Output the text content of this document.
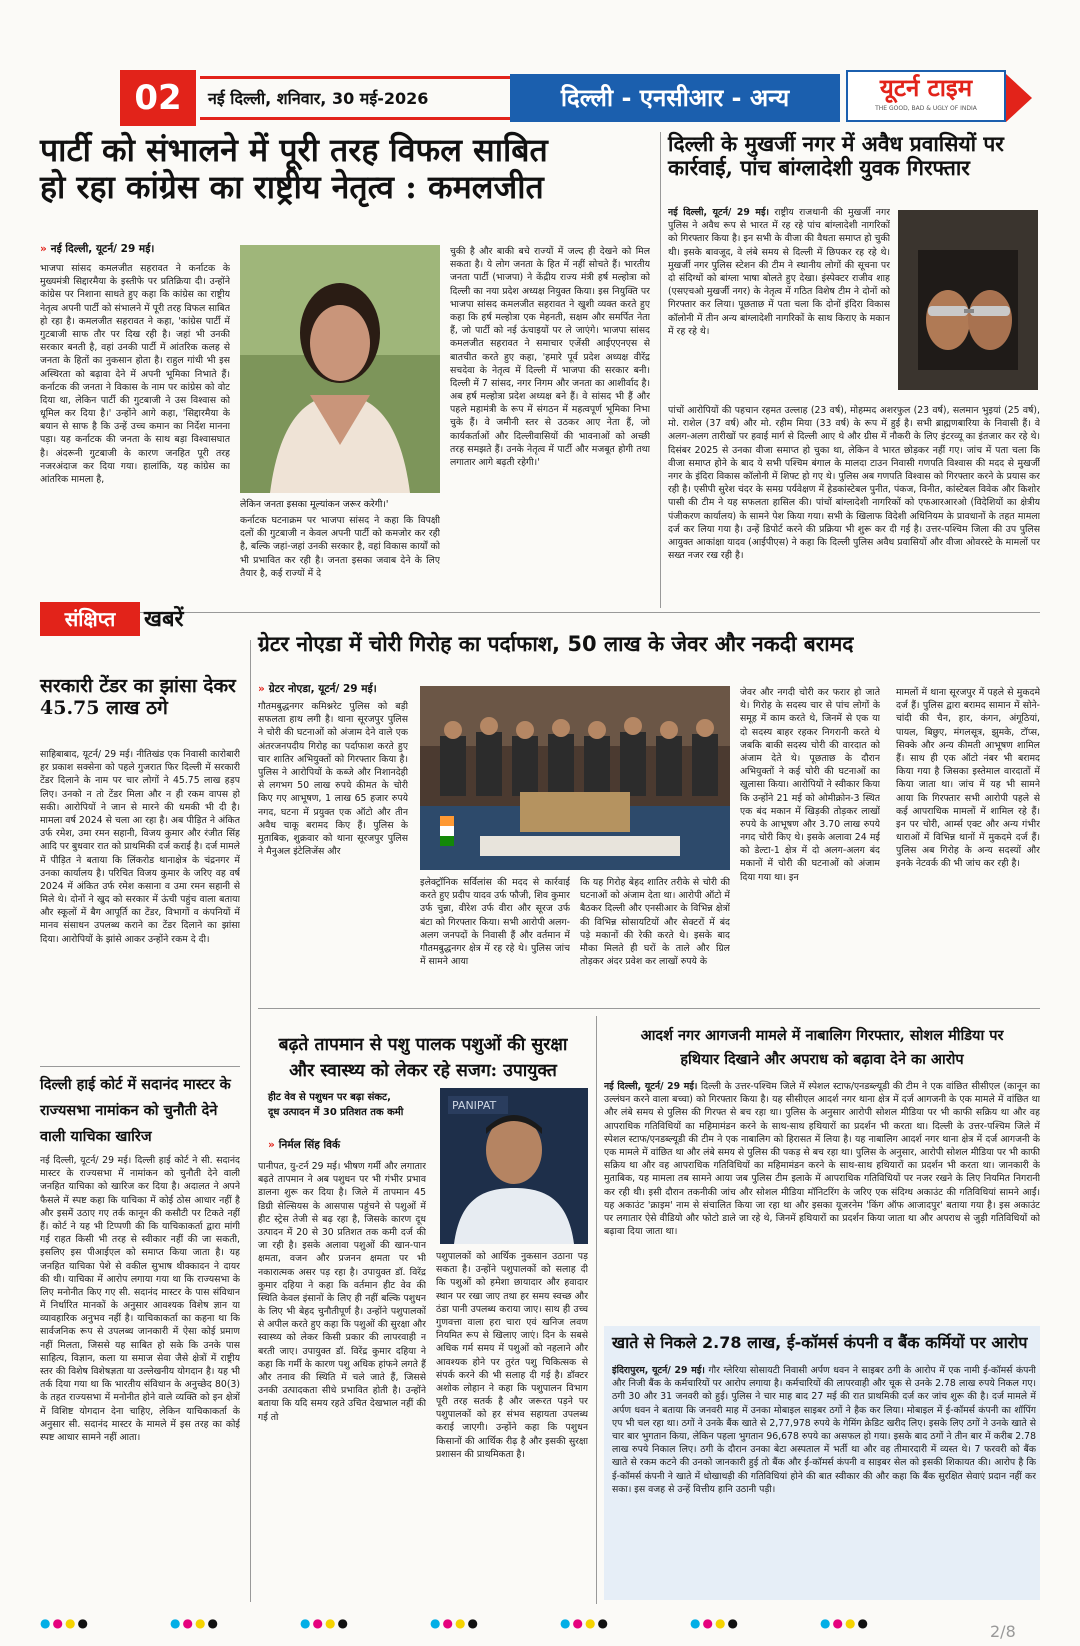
02	नई दिल्ली, शनिवार, 30 मई-2026	दिल्ली - एनसीआर - अन्य	यूटर्न टाइम
THE GOOD, BAD & UGLY OF INDIA
पार्टी को संभालने में पूरी तरह विफल साबित
हो रहा कांग्रेस का राष्ट्रीय नेतृत्व : कमलजीत
» नई दिल्ली, यूटर्न/ 29 मई।
भाजपा सांसद कमलजीत सहरावत ने कर्नाटक के मुख्यमंत्री सिद्दारमैया के इस्तीफे पर प्रतिक्रिया दी। उन्होंने कांग्रेस पर निशाना साधते हुए कहा कि कांग्रेस का राष्ट्रीय नेतृत्व अपनी पार्टी को संभालने में पूरी तरह विफल साबित हो रहा है। कमलजीत सहरावत ने कहा, 'कांग्रेस पार्टी में गुटबाजी साफ तौर पर दिख रही है। जहां भी उनकी सरकार बनती है, वहां उनकी पार्टी में आंतरिक कलह से जनता के हितों का नुकसान होता है। राहुल गांधी भी इस अस्थिरता को बढ़ावा देने में अपनी भूमिका निभाते हैं। कर्नाटक की जनता ने विकास के नाम पर कांग्रेस को वोट दिया था, लेकिन पार्टी की गुटबाजी ने उस विश्वास को धूमिल कर दिया है।' उन्होंने आगे कहा, 'सिद्दारमैया के बयान से साफ है कि उन्हें उच्च कमान का निर्देश मानना पड़ा। यह कर्नाटक की जनता के साथ बड़ा विश्वासघात है। अंदरूनी गुटबाजी के कारण जनहित पूरी तरह नजरअंदाज कर दिया गया। हालांकि, यह कांग्रेस का आंतरिक मामला है,
लेकिन जनता इसका मूल्यांकन जरूर करेगी।'
कर्नाटक घटनाक्रम पर भाजपा सांसद ने कहा कि विपक्षी दलों की गुटबाजी न केवल अपनी पार्टी को कमजोर कर रही है, बल्कि जहां-जहां उनकी सरकार है, वहां विकास कार्यों को भी प्रभावित कर रही है। जनता इसका जवाब देने के लिए तैयार है, कई राज्यों में दे
चुकी है और बाकी बचे राज्यों में जल्द ही देखने को मिल सकता है। ये लोग जनता के हित में नहीं सोचते हैं। भारतीय जनता पार्टी (भाजपा) ने केंद्रीय राज्य मंत्री हर्ष मल्होत्रा को दिल्ली का नया प्रदेश अध्यक्ष नियुक्त किया। इस नियुक्ति पर भाजपा सांसद कमलजीत सहरावत ने खुशी व्यक्त करते हुए कहा कि हर्ष मल्होत्रा एक मेहनती, सक्षम और समर्पित नेता हैं, जो पार्टी को नई ऊंचाइयों पर ले जाएंगे। भाजपा सांसद कमलजीत सहरावत ने समाचार एजेंसी आईएएनएस से बातचीत करते हुए कहा, 'हमारे पूर्व प्रदेश अध्यक्ष वीरेंद्र सचदेवा के नेतृत्व में दिल्ली में भाजपा की सरकार बनी। दिल्ली में 7 सांसद, नगर निगम और जनता का आशीर्वाद है। अब हर्ष मल्होत्रा प्रदेश अध्यक्ष बने हैं। वे सांसद भी हैं और पहले महामंत्री के रूप में संगठन में महत्वपूर्ण भूमिका निभा चुके हैं। वे जमीनी स्तर से उठकर आए नेता हैं, जो कार्यकर्ताओं और दिल्लीवासियों की भावनाओं को अच्छी तरह समझते हैं। उनके नेतृत्व में पार्टी और मजबूत होगी तथा लगातार आगे बढ़ती रहेगी।'
दिल्ली के मुखर्जी नगर में अवैध प्रवासियों पर
कार्रवाई, पांच बांग्लादेशी युवक गिरफ्तार
नई दिल्ली, यूटर्न/ 29 मई। राष्ट्रीय राजधानी की मुखर्जी नगर पुलिस ने अवैध रूप से भारत में रह रहे पांच बांग्लादेशी नागरिकों को गिरफ्तार किया है। इन सभी के वीजा की वैधता समाप्त हो चुकी थी। इसके बावजूद, वे लंबे समय से दिल्ली में छिपकर रह रहे थे। मुखर्जी नगर पुलिस स्टेशन की टीम ने स्थानीय लोगों की सूचना पर दो संदिग्धों को बांग्ला भाषा बोलते हुए देखा। इंस्पेक्टर राजीव शाह (एसएचओ मुखर्जी नगर) के नेतृत्व में गठित विशेष टीम ने दोनों को गिरफ्तार कर लिया। पूछताछ में पता चला कि दोनों इंदिरा विकास कॉलोनी में तीन अन्य बांग्लादेशी नागरिकों के साथ किराए के मकान में रह रहे थे।
पांचों आरोपियों की पहचान रहमत उल्लाह (23 वर्ष), मोहम्मद अशरफुल (23 वर्ष), सलमान भुइयां (25 वर्ष), मो. राशेल (37 वर्ष) और मो. रहीम मिया (33 वर्ष) के रूप में हुई है। सभी ब्राह्मणबारिया के निवासी हैं। वे अलग-अलग तारीखों पर हवाई मार्ग से दिल्ली आए थे और ग्रीस में नौकरी के लिए इंटरव्यू का इंतजार कर रहे थे। दिसंबर 2025 से उनका वीजा समाप्त हो चुका था, लेकिन वे भारत छोड़कर नहीं गए। जांच में पता चला कि वीजा समाप्त होने के बाद ये सभी पश्चिम बंगाल के मालदा टाउन निवासी गणपति विश्वास की मदद से मुखर्जी नगर के इंदिरा विकास कॉलोनी में शिफ्ट हो गए थे। पुलिस अब गणपति विश्वास को गिरफ्तार करने के प्रयास कर रही है। एसीपी सुरेश चंदर के समग्र पर्यवेक्षण में हेडकांस्टेबल पुनीत, पंकज, विनीत, कांस्टेबल विवेक और किशोर पासी की टीम ने यह सफलता हासिल की। पांचों बांग्लादेशी नागरिकों को एफआरआरओ (विदेशियों का क्षेत्रीय पंजीकरण कार्यालय) के सामने पेश किया गया। सभी के खिलाफ विदेशी अधिनियम के प्रावधानों के तहत मामला दर्ज कर लिया गया है। उन्हें डिपोर्ट करने की प्रक्रिया भी शुरू कर दी गई है। उत्तर-पश्चिम जिला की उप पुलिस आयुक्त आकांक्षा यादव (आईपीएस) ने कहा कि दिल्ली पुलिस अवैध प्रवासियों और वीजा ओवरस्टे के मामलों पर सख्त नजर रख रही है।
संक्षिप्त	खबरें
सरकारी टेंडर का झांसा देकर 45.75 लाख ठगे
साहिबाबाद, यूटर्न/ 29 मई। नीतिखंड एक निवासी कारोबारी हर प्रकाश सक्सेना को पहले गुजरात फिर दिल्ली में सरकारी टेंडर दिलाने के नाम पर चार लोगों ने 45.75 लाख हड़प लिए। उनको न तो टेंडर मिला और न ही रकम वापस हो सकी। आरोपियों ने जान से मारने की धमकी भी दी है। मामला वर्ष 2024 से चला आ रहा है। अब पीड़ित ने अंकित उर्फ रमेश, उमा रमन सहानी, विजय कुमार और रंजीत सिंह आदि पर बुधवार रात को प्राथमिकी दर्ज कराई है। दर्ज मामले में पीड़ित ने बताया कि लिंकरोड थानाक्षेत्र के चंद्रनगर में उनका कार्यालय है। परिचित विजय कुमार के जरिए वह वर्ष 2024 में अंकित उर्फ रमेश कसाना व उमा रमन सहानी से मिले थे। दोनों ने खुद को सरकार में ऊंची पहुंच वाला बताया और स्कूलों में बैग आपूर्ति का टेंडर, विभागों व कंपनियों में मानव संसाधन उपलब्ध कराने का टेंडर दिलाने का झांसा दिया। आरोपियों के झांसे आकर उन्होंने रकम दे दी।
दिल्ली हाई कोर्ट में सदानंद मास्टर के राज्यसभा नामांकन को चुनौती देने वाली याचिका खारिज
नई दिल्ली, यूटर्न/ 29 मई। दिल्ली हाई कोर्ट ने सी. सदानंद मास्टर के राज्यसभा में नामांकन को चुनौती देने वाली जनहित याचिका को खारिज कर दिया है। अदालत ने अपने फैसले में स्पष्ट कहा कि याचिका में कोई ठोस आधार नहीं है और इसमें उठाए गए तर्क कानून की कसौटी पर टिकते नहीं हैं। कोर्ट ने यह भी टिप्पणी की कि याचिकाकर्ता द्वारा मांगी गई राहत किसी भी तरह से स्वीकार नहीं की जा सकती, इसलिए इस पीआईएल को समाप्त किया जाता है। यह जनहित याचिका पेशे से वकील सुभाष थीक्कादन ने दायर की थी। याचिका में आरोप लगाया गया था कि राज्यसभा के लिए मनोनीत किए गए सी. सदानंद मास्टर के पास संविधान में निर्धारित मानकों के अनुसार आवश्यक विशेष ज्ञान या व्यावहारिक अनुभव नहीं है। याचिकाकर्ता का कहना था कि सार्वजनिक रूप से उपलब्ध जानकारी में ऐसा कोई प्रमाण नहीं मिलता, जिससे यह साबित हो सके कि उनके पास साहित्य, विज्ञान, कला या समाज सेवा जैसे क्षेत्रों में राष्ट्रीय स्तर की विशेष विशेषज्ञता या उल्लेखनीय योगदान है। यह भी तर्क दिया गया था कि भारतीय संविधान के अनुच्छेद 80(3) के तहत राज्यसभा में मनोनीत होने वाले व्यक्ति को इन क्षेत्रों में विशिष्ट योगदान देना चाहिए, लेकिन याचिकाकर्ता के अनुसार सी. सदानंद मास्टर के मामले में इस तरह का कोई स्पष्ट आधार सामने नहीं आता।
ग्रेटर नोएडा में चोरी गिरोह का पर्दाफाश, 50 लाख के जेवर और नकदी बरामद
» ग्रेटर नोएडा, यूटर्न/ 29 मई।
गौतमबुद्धनगर कमिश्नरेट पुलिस को बड़ी सफलता हाथ लगी है। थाना सूरजपुर पुलिस ने चोरी की घटनाओं को अंजाम देने वाले एक अंतरजनपदीय गिरोह का पर्दाफाश करते हुए चार शातिर अभियुक्तों को गिरफ्तार किया है। पुलिस ने आरोपियों के कब्जे और निशानदेही से लगभग 50 लाख रुपये कीमत के चोरी किए गए आभूषण, 1 लाख 65 हजार रुपये नगद, घटना में प्रयुक्त एक ऑटो और तीन अवैध चाकू बरामद किए हैं। पुलिस के मुताबिक, शुक्रवार को थाना सूरजपुर पुलिस ने मैनुअल इंटेलिजेंस और
इलेक्ट्रॉनिक सर्विलांस की मदद से कार्रवाई करते हुए प्रदीप यादव उर्फ फौजी, शिव कुमार उर्फ चुन्ना, वीरेश उर्फ वीरा और सूरज उर्फ बंटा को गिरफ्तार किया। सभी आरोपी अलग-अलग जनपदों के निवासी हैं और वर्तमान में गौतमबुद्धनगर क्षेत्र में रह रहे थे। पुलिस जांच में सामने आया
कि यह गिरोह बेहद शातिर तरीके से चोरी की घटनाओं को अंजाम देता था। आरोपी ऑटो में बैठकर दिल्ली और एनसीआर के विभिन्न क्षेत्रों की विभिन्न सोसायटियों और सेक्टरों में बंद पड़े मकानों की रेकी करते थे। इसके बाद मौका मिलते ही घरों के ताले और ग्रिल तोड़कर अंदर प्रवेश कर लाखों रुपये के
जेवर और नगदी चोरी कर फरार हो जाते थे। गिरोह के सदस्य चार से पांच लोगों के समूह में काम करते थे, जिनमें से एक या दो सदस्य बाहर रहकर निगरानी करते थे जबकि बाकी सदस्य चोरी की वारदात को अंजाम देते थे। पूछताछ के दौरान अभियुक्तों ने कई चोरी की घटनाओं का खुलासा किया। आरोपियों ने स्वीकार किया कि उन्होंने 21 मई को ओमीक्रोन-3 स्थित एक बंद मकान में खिड़की तोड़कर लाखों रुपये के आभूषण और 3.70 लाख रुपये नगद चोरी किए थे। इसके अलावा 24 मई को डेल्टा-1 क्षेत्र में दो अलग-अलग बंद मकानों में चोरी की घटनाओं को अंजाम दिया गया था। इन
मामलों में थाना सूरजपुर में पहले से मुकदमे दर्ज हैं। पुलिस द्वारा बरामद सामान में सोने-चांदी की चैन, हार, कंगन, अंगूठियां, पायल, बिछुए, मंगलसूत्र, झुमके, टॉप्स, सिक्के और अन्य कीमती आभूषण शामिल हैं। साथ ही एक ऑटो नंबर भी बरामद किया गया है जिसका इस्तेमाल वारदातों में किया जाता था। जांच में यह भी सामने आया कि गिरफ्तार सभी आरोपी पहले से कई आपराधिक मामलों में शामिल रहे हैं। इन पर चोरी, आर्म्स एक्ट और अन्य गंभीर धाराओं में विभिन्न थानों में मुकदमे दर्ज हैं। पुलिस अब गिरोह के अन्य सदस्यों और इनके नेटवर्क की भी जांच कर रही है।
बढ़ते तापमान से पशु पालक पशुओं की सुरक्षा
और स्वास्थ्य को लेकर रहे सजग: उपायुक्त
हीट वेव से पशुधन पर बढ़ा संकट,
दूध उत्पादन में 30 प्रतिशत तक कमी
» निर्मल सिंह विर्क
PANIPAT
पानीपत, यु-टर्न 29 मई। भीषण गर्मी और लगातार बढ़ते तापमान ने अब पशुधन पर भी गंभीर प्रभाव डालना शुरू कर दिया है। जिले में तापमान 45 डिग्री सेल्सियस के आसपास पहुंचने से पशुओं में हीट स्ट्रेस तेजी से बढ़ रहा है, जिसके कारण दूध उत्पादन में 20 से 30 प्रतिशत तक कमी दर्ज की जा रही है। इसके अलावा पशुओं की खान-पान क्षमता, वजन और प्रजनन क्षमता पर भी नकारात्मक असर पड़ रहा है। उपायुक्त डॉ. विरेंद्र कुमार दहिया ने कहा कि वर्तमान हीट वेव की स्थिति केवल इंसानों के लिए ही नहीं बल्कि पशुधन के लिए भी बेहद चुनौतीपूर्ण है। उन्होंने पशुपालकों से अपील करते हुए कहा कि पशुओं की सुरक्षा और स्वास्थ्य को लेकर किसी प्रकार की लापरवाही न बरती जाए। उपायुक्त डॉ. विरेंद्र कुमार दहिया ने कहा कि गर्मी के कारण पशु अधिक हांफने लगते हैं और तनाव की स्थिति में चले जाते हैं, जिससे उनकी उत्पादकता सीधे प्रभावित होती है। उन्होंने बताया कि यदि समय रहते उचित देखभाल नहीं की गई तो
पशुपालकों को आर्थिक नुकसान उठाना पड़ सकता है। उन्होंने पशुपालकों को सलाह दी कि पशुओं को हमेशा छायादार और हवादार स्थान पर रखा जाए तथा हर समय स्वच्छ और ठंडा पानी उपलब्ध कराया जाए। साथ ही उच्च गुणवत्ता वाला हरा चारा एवं खनिज लवण नियमित रूप से खिलाए जाएं। दिन के सबसे अधिक गर्म समय में पशुओं को नहलाने और आवश्यक होने पर तुरंत पशु चिकित्सक से संपर्क करने की भी सलाह दी गई है। डॉक्टर अशोक लोहान ने कहा कि पशुपालन विभाग पूरी तरह सतर्क है और जरूरत पड़ने पर पशुपालकों को हर संभव सहायता उपलब्ध कराई जाएगी। उन्होंने कहा कि पशुधन किसानों की आर्थिक रीढ़ है और इसकी सुरक्षा प्रशासन की प्राथमिकता है।
आदर्श नगर आगजनी मामले में नाबालिग गिरफ्तार, सोशल मीडिया पर
हथियार दिखाने और अपराध को बढ़ावा देने का आरोप
नई दिल्ली, यूटर्न/ 29 मई। दिल्ली के उत्तर-पश्चिम जिले में स्पेशल स्टाफ/एनडब्ल्यूडी की टीम ने एक वांछित सीसीएल (कानून का उल्लंघन करने वाला बच्चा) को गिरफ्तार किया है। यह सीसीएल आदर्श नगर थाना क्षेत्र में दर्ज आगजनी के एक मामले में वांछित था और लंबे समय से पुलिस की गिरफ्त से बच रहा था। पुलिस के अनुसार आरोपी सोशल मीडिया पर भी काफी सक्रिय था और वह आपराधिक गतिविधियों का महिमामंडन करने के साथ-साथ हथियारों का प्रदर्शन भी करता था। दिल्ली के उत्तर-पश्चिम जिले में स्पेशल स्टाफ/एनडब्ल्यूडी की टीम ने एक नाबालिग को हिरासत में लिया है। यह नाबालिग आदर्श नगर थाना क्षेत्र में दर्ज आगजनी के एक मामले में वांछित था और लंबे समय से पुलिस की पकड़ से बच रहा था। पुलिस के अनुसार, आरोपी सोशल मीडिया पर भी काफी सक्रिय था और वह आपराधिक गतिविधियों का महिमामंडन करने के साथ-साथ हथियारों का प्रदर्शन भी करता था। जानकारी के मुताबिक, यह मामला तब सामने आया जब पुलिस टीम इलाके में आपराधिक गतिविधियों पर नजर रखने के लिए नियमित निगरानी कर रही थी। इसी दौरान तकनीकी जांच और सोशल मीडिया मॉनिटरिंग के जरिए एक संदिग्ध अकाउंट की गतिविधियां सामने आईं। यह अकाउंट 'क्राइम' नाम से संचालित किया जा रहा था और इसका यूजरनेम 'किंग ऑफ आजादपुर' बताया गया है। इस अकाउंट पर लगातार ऐसे वीडियो और फोटो डाले जा रहे थे, जिनमें हथियारों का प्रदर्शन किया जाता था और अपराध से जुड़ी गतिविधियों को बढ़ावा दिया जाता था।
खाते से निकले 2.78 लाख, ई-कॉमर्स कंपनी व बैंक कर्मियों पर आरोप
इंदिरापुरम, यूटर्न/ 29 मई। गौर ग्लेरिया सोसायटी निवासी अर्पण धवन ने साइबर ठगी के आरोप में एक नामी ई-कॉमर्स कंपनी और निजी बैंक के कर्मचारियों पर आरोप लगाया है। कर्मचारियों की लापरवाही और चूक से उनके 2.78 लाख रुपये निकल गए। ठगी 30 और 31 जनवरी को हुई। पुलिस ने चार माह बाद 27 मई की रात प्राथमिकी दर्ज कर जांच शुरू की है। दर्ज मामले में अर्पण धवन ने बताया कि जनवरी माह में उनका मोबाइल साइबर ठगों ने हैक कर लिया। मोबाइल में ई-कॉमर्स कंपनी का शॉपिंग एप भी चल रहा था। ठगों ने उनके बैंक खाते से 2,77,978 रुपये के गेमिंग क्रेडिट खरीद लिए। इसके लिए ठगों ने उनके खाते से चार बार भुगतान किया, लेकिन पहला भुगतान 96,678 रुपये का असफल हो गया। इसके बाद ठगों ने तीन बार में करीब 2.78 लाख रुपये निकाल लिए। ठगी के दौरान उनका बेटा अस्पताल में भर्ती था और वह तीमारदारी में व्यस्त थे। 7 फरवरी को बैंक खाते से रकम कटने की उनको जानकारी हुई तो बैंक और ई-कॉमर्स कंपनी व साइबर सेल को इसकी शिकायत की। आरोप है कि ई-कॉमर्स कंपनी ने खाते में धोखाधड़ी की गतिविधियां होने की बात स्वीकार की और कहा कि बैंक सुरक्षित सेवाएं प्रदान नहीं कर सका। इस वजह से उन्हें वित्तीय हानि उठानी पड़ी।
●●●●	●●●●	●●●●	●●●●	●●●●	●●●●	●●●●	2/8
